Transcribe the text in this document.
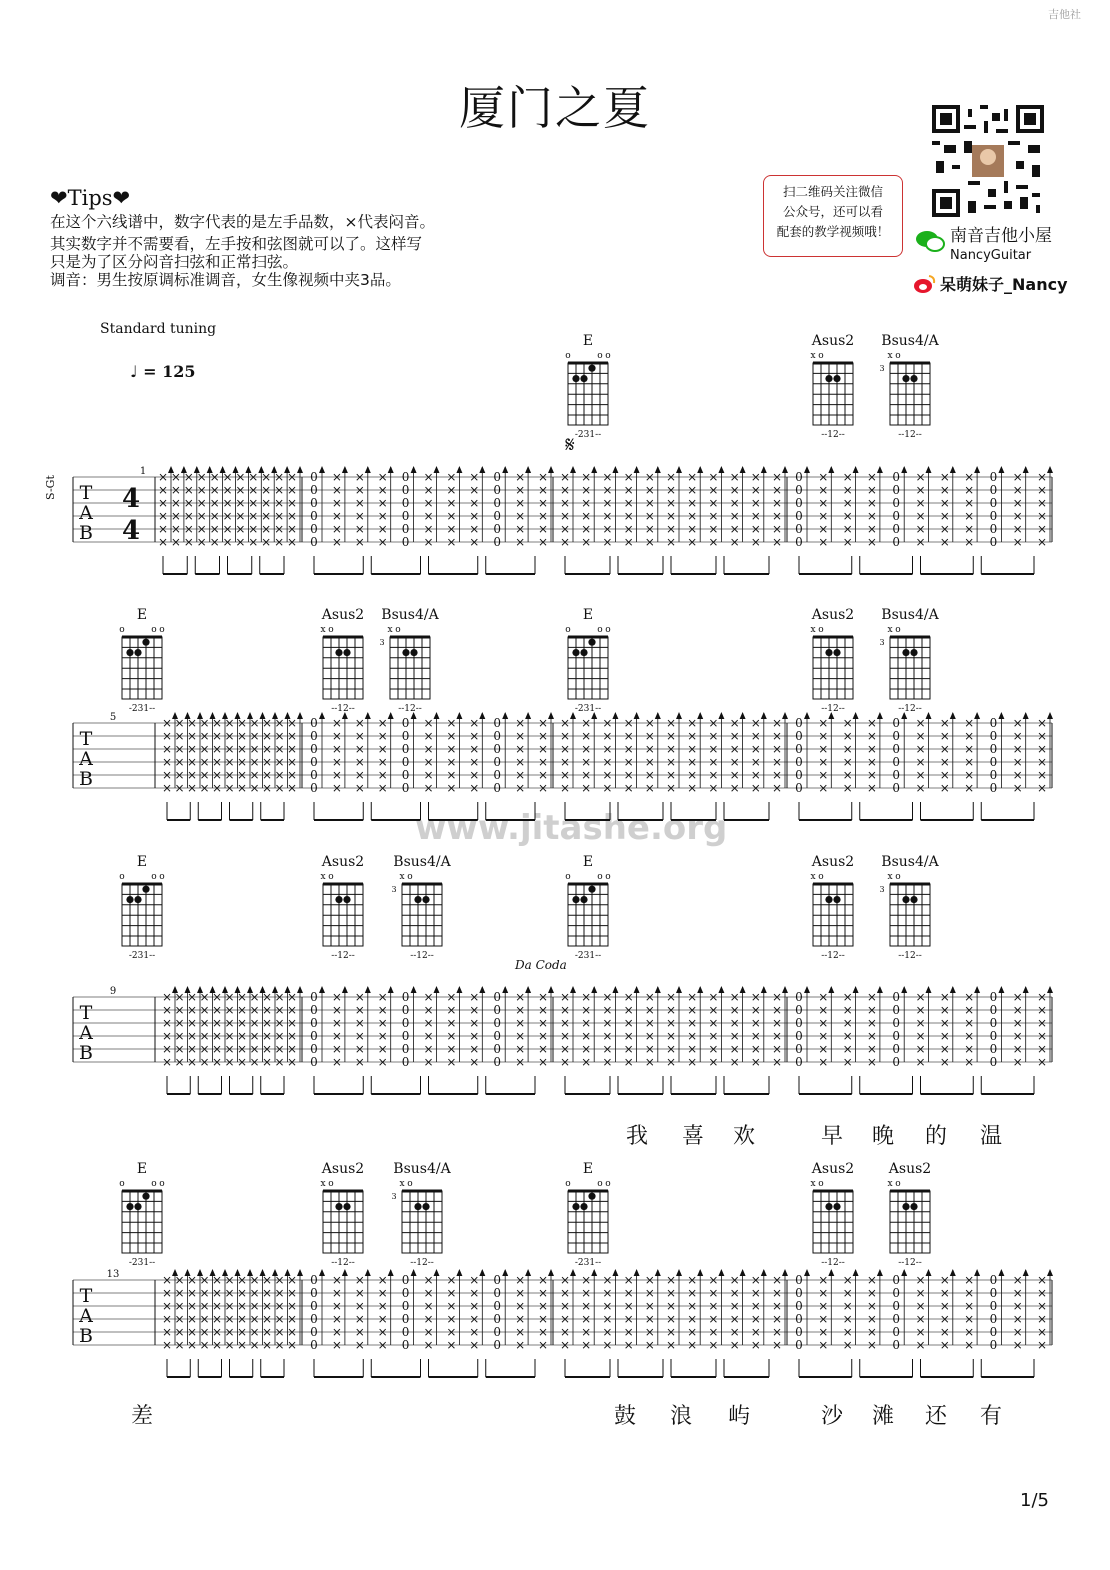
厦门之夏
吉他社
❤Tips❤
在这个六线谱中，数字代表的是左手品数，×代表闷音。
其实数字并不需要看，左手按和弦图就可以了。这样写
只是为了区分闷音扫弦和正常扫弦。
调音：男生按原调标准调音，女生像视频中夹3品。
扫二维码关注微信
公众号，还可以看
配套的教学视频哦！	南音吉他小屋
NancyGuitar
呆萌妹子_Nancy
Standard tuning
♩ = 125
S-Gt
Da Coda
www.jitashe.org
T
A
B
4
4
1 ×
×
×
×
×
×
×
×
×
×
×
×
×
×
×
×
×
×
×
×
×
×
×
×
×
×
×
×
×
×
×
×
×
×
×
×
×
×
×
×
×
×
×
×
×
×
×
×
×
×
×
×
×
×
×
×
×
×
×
×
×
×
×
×
×
×
0
0
0
0
0
0
×
×
×
×
×
×
×
×
×
×
×
×
×
×
×
×
×
×
0
0
0
0
0
0
×
×
×
×
×
×
×
×
×
×
×
×
×
×
×
×
×
×
0
0
0
0
0
0
×
×
×
×
×
×
×
×
×
×
×
×
×
×
×
×
×
×
×
×
×
×
×
×
×
×
×
×
×
×
×
×
×
×
×
×
×
×
×
×
×
×
×
×
×
×
×
×
×
×
×
×
×
×
×
×
×
×
×
×
×
×
×
×
×
×
×
×
×
×
×
×
×
×
×
×
×
×
0
0
0
0
0
0
×
×
×
×
×
×
×
×
×
×
×
×
×
×
×
×
×
×
0
0
0
0
0
0
×
×
×
×
×
×
×
×
×
×
×
×
×
×
×
×
×
×
0
0
0
0
0
0
×
×
×
×
×
×
×
×
×
×
×
×
E
o	o o
-231--
Asus2
x o
--12--
Bsus4/A
x o
3
--12--
𝄋
T
A
B
5	×
×
×
×
×
×
×
×
×
×
×
×
×
×
×
×
×
×
×
×
×
×
×
×
×
×
×
×
×
×
×
×
×
×
×
×
×
×
×
×
×
×
×
×
×
×
×
×
×
×
×
×
×
×
×
×
×
×
×
×
×
×
×
×
×
×
0
0
0
0
0
0
×
×
×
×
×
×
×
×
×
×
×
×
×
×
×
×
×
×
0
0
0
0
0
0
×
×
×
×
×
×
×
×
×
×
×
×
×
×
×
×
×
×
0
0
0
0
0
0
×
×
×
×
×
×
×
×
×
×
×
×
×
×
×
×
×
×
×
×
×
×
×
×
×
×
×
×
×
×
×
×
×
×
×
×
×
×
×
×
×
×
×
×
×
×
×
×
×
×
×
×
×
×
×
×
×
×
×
×
×
×
×
×
×
×
×
×
×
×
×
×
×
×
×
×
×
×
0
0
0
0
0
0
×
×
×
×
×
×
×
×
×
×
×
×
×
×
×
×
×
×
0
0
0
0
0
0
×
×
×
×
×
×
×
×
×
×
×
×
×
×
×
×
×
×
0
0
0
0
0
0
×
×
×
×
×
×
×
×
×
×
×
×
E
o	o o
-231--
Asus2
x o
--12--
Bsus4/A
x o
3
--12--
E
o	o o
-231--
Asus2
x o
--12--
Bsus4/A
x o
3
--12--
T
A
B
9	×
×
×
×
×
×
×
×
×
×
×
×
×
×
×
×
×
×
×
×
×
×
×
×
×
×
×
×
×
×
×
×
×
×
×
×
×
×
×
×
×
×
×
×
×
×
×
×
×
×
×
×
×
×
×
×
×
×
×
×
×
×
×
×
×
×
0
0
0
0
0
0
×
×
×
×
×
×
×
×
×
×
×
×
×
×
×
×
×
×
0
0
0
0
0
0
×
×
×
×
×
×
×
×
×
×
×
×
×
×
×
×
×
×
0
0
0
0
0
0
×
×
×
×
×
×
×
×
×
×
×
×
×
×
×
×
×
×
×
×
×
×
×
×
×
×
×
×
×
×
×
×
×
×
×
×
×
×
×
×
×
×
×
×
×
×
×
×
×
×
×
×
×
×
×
×
×
×
×
×
×
×
×
×
×
×
×
×
×
×
×
×
×
×
×
×
×
×
0
0
0
0
0
0
×
×
×
×
×
×
×
×
×
×
×
×
×
×
×
×
×
×
0
0
0
0
0
0
×
×
×
×
×
×
×
×
×
×
×
×
×
×
×
×
×
×
0
0
0
0
0
0
×
×
×
×
×
×
×
×
×
×
×
×
E
o	o o
-231--
Asus2
x o
--12--
Bsus4/A
x o
3
--12--
E
o	o o
-231--
Asus2
x o
--12--
Bsus4/A
x o
3
--12--
我 喜 欢	早 晚 的 温
T
A
B
13	×
×
×
×
×
×
×
×
×
×
×
×
×
×
×
×
×
×
×
×
×
×
×
×
×
×
×
×
×
×
×
×
×
×
×
×
×
×
×
×
×
×
×
×
×
×
×
×
×
×
×
×
×
×
×
×
×
×
×
×
×
×
×
×
×
×
0
0
0
0
0
0
×
×
×
×
×
×
×
×
×
×
×
×
×
×
×
×
×
×
0
0
0
0
0
0
×
×
×
×
×
×
×
×
×
×
×
×
×
×
×
×
×
×
0
0
0
0
0
0
×
×
×
×
×
×
×
×
×
×
×
×
×
×
×
×
×
×
×
×
×
×
×
×
×
×
×
×
×
×
×
×
×
×
×
×
×
×
×
×
×
×
×
×
×
×
×
×
×
×
×
×
×
×
×
×
×
×
×
×
×
×
×
×
×
×
×
×
×
×
×
×
×
×
×
×
×
×
0
0
0
0
0
0
×
×
×
×
×
×
×
×
×
×
×
×
×
×
×
×
×
×
0
0
0
0
0
0
×
×
×
×
×
×
×
×
×
×
×
×
×
×
×
×
×
×
0
0
0
0
0
0
×
×
×
×
×
×
×
×
×
×
×
×
E
o	o o
-231--
Asus2
x o
--12--
Bsus4/A
x o
3
--12--
E
o	o o
-231--
Asus2
x o
--12--
Asus2
x o
--12--
差	鼓 浪 屿	沙 滩 还 有
1/5
